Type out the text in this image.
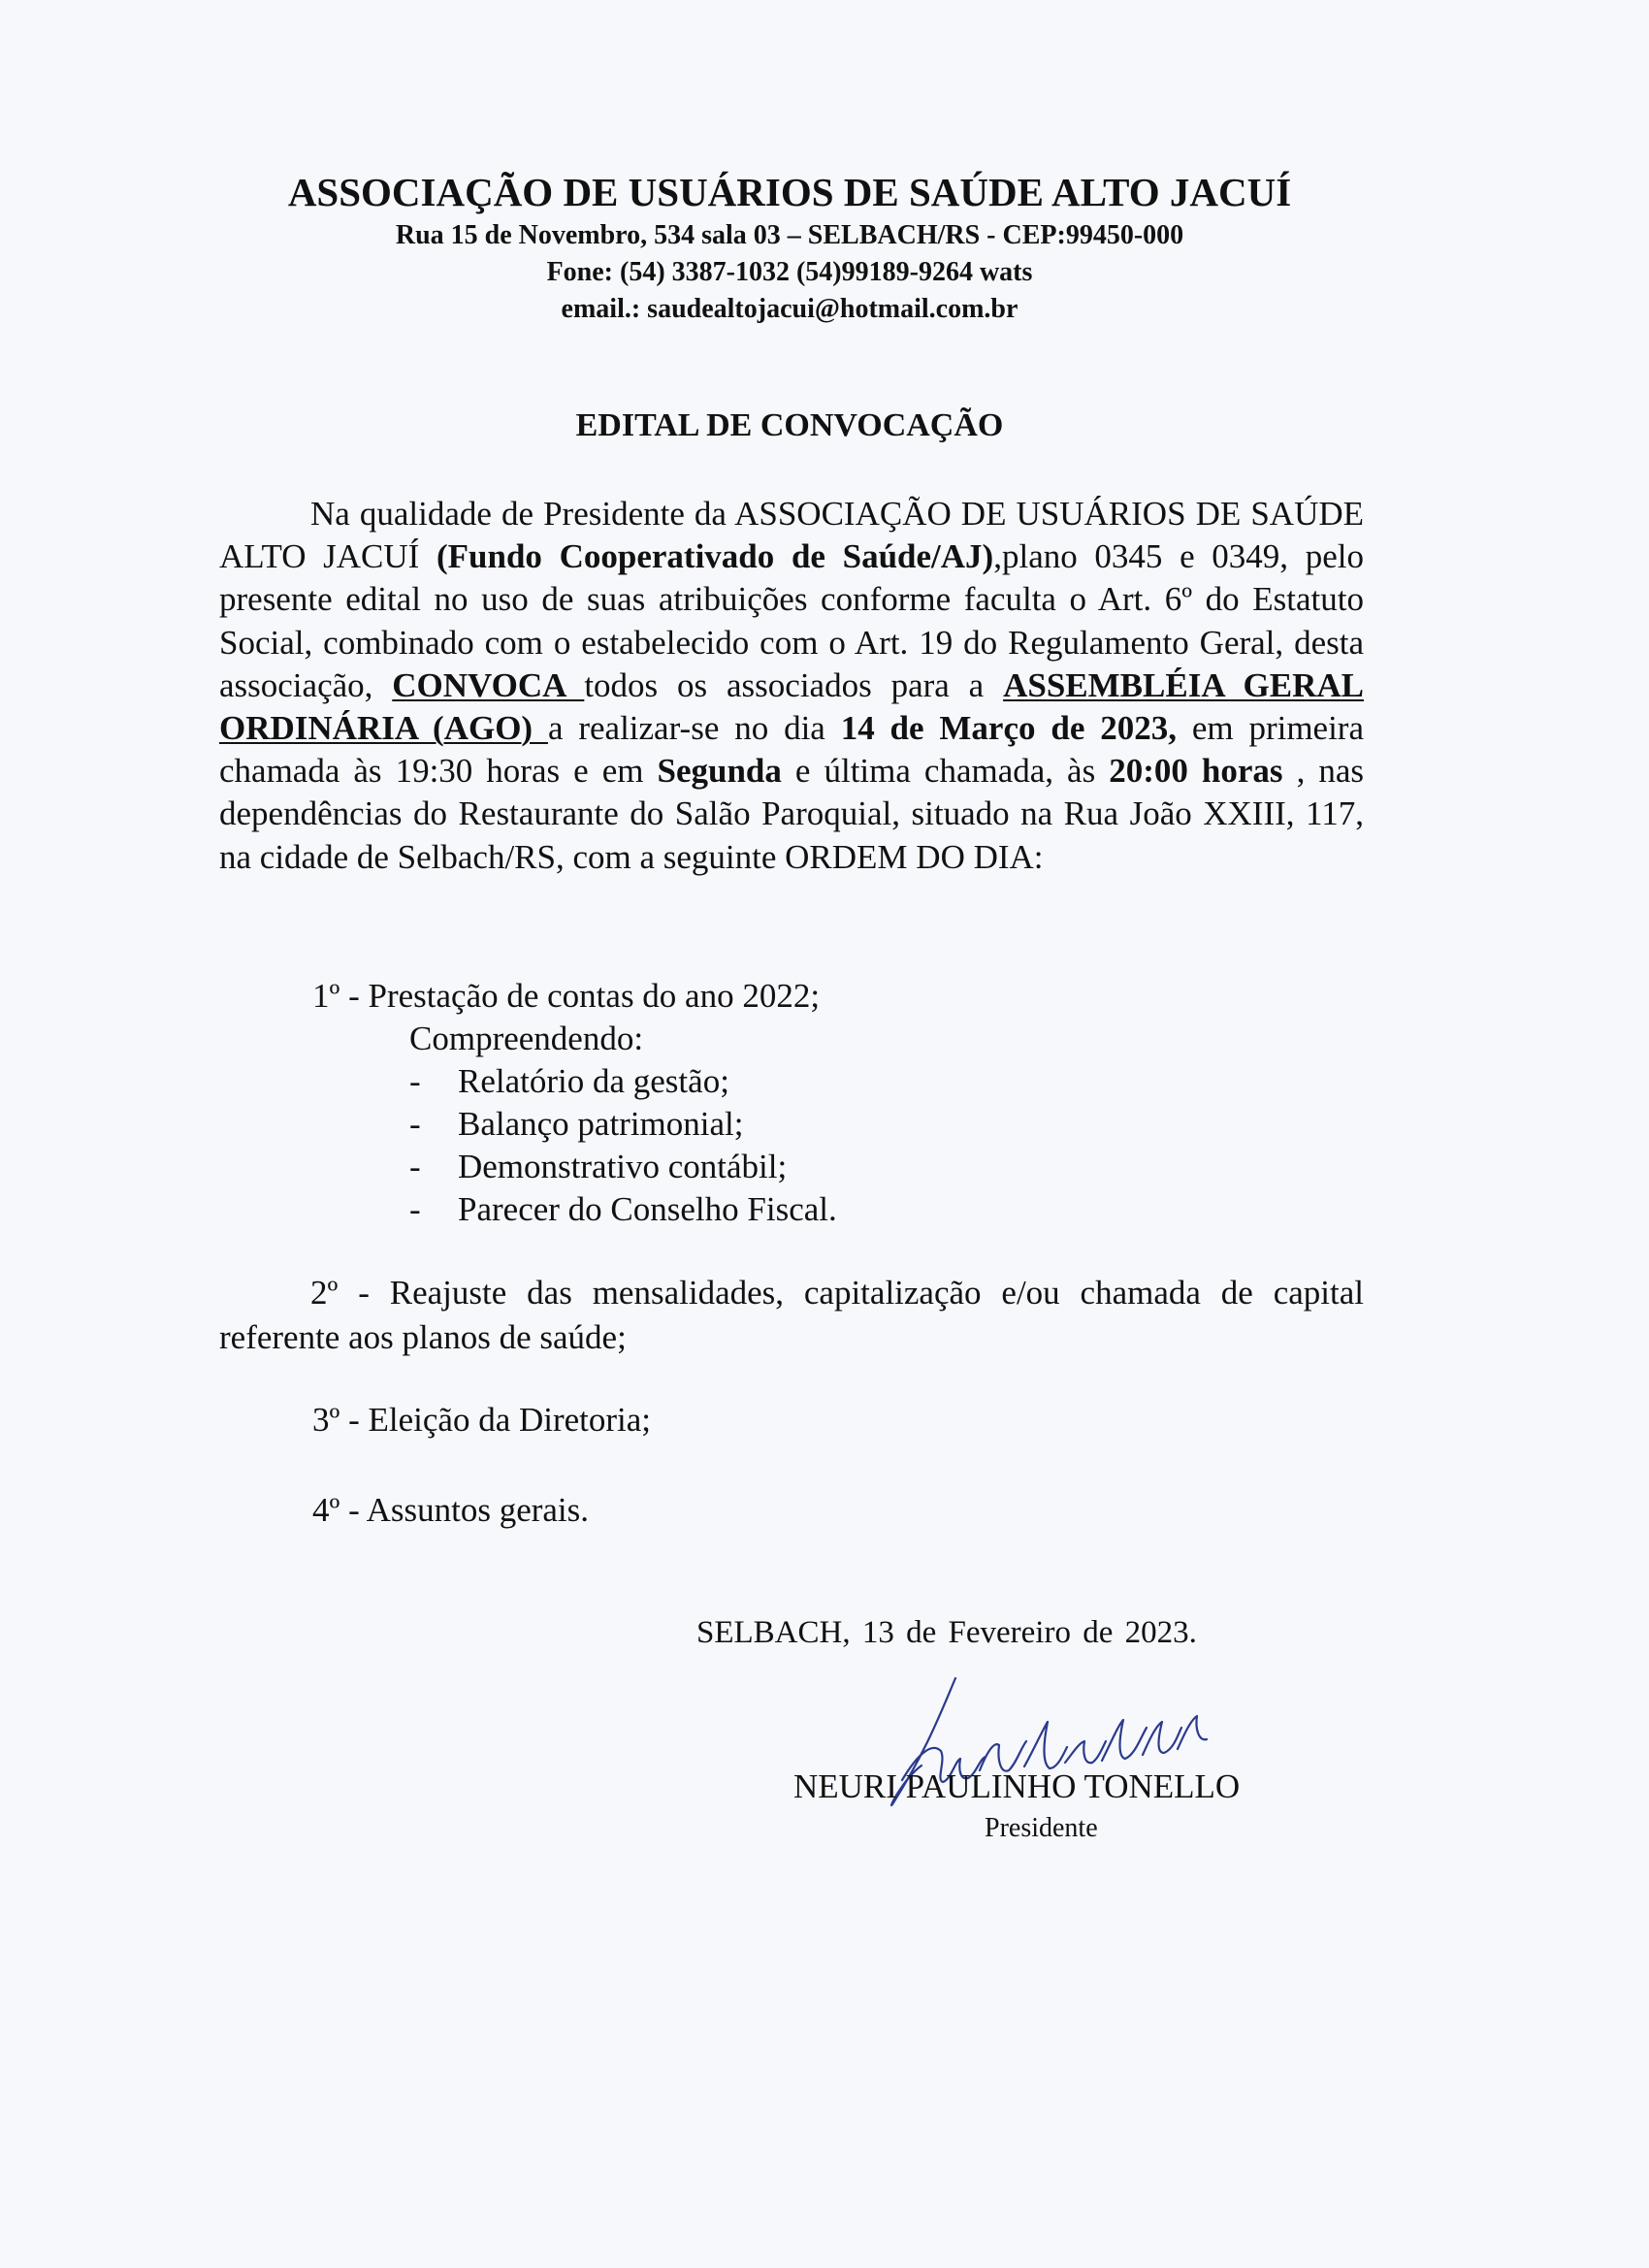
ASSOCIAÇÃO DE USUÁRIOS DE SAÚDE ALTO JACUÍ
Rua 15 de Novembro, 534 sala 03 – SELBACH/RS - CEP:99450-000
Fone: (54) 3387-1032 (54)99189-9264 wats
email.: saudealtojacui@hotmail.com.br
EDITAL DE CONVOCAÇÃO
Na qualidade de Presidente da ASSOCIAÇÃO DE USUÁRIOS DE SAÚDE ALTO JACUÍ (Fundo Cooperativado de Saúde/AJ),plano 0345 e 0349, pelo presente edital no uso de suas atribuições conforme faculta o Art. 6º do Estatuto Social, combinado com o estabelecido com o Art. 19 do Regulamento Geral, desta associação, CONVOCA todos os associados para a ASSEMBLÉIA GERAL ORDINÁRIA (AGO) a realizar-se no dia 14 de Março de 2023, em primeira chamada às 19:30 horas e em Segunda e última chamada, às 20:00 horas , nas dependências do Restaurante do Salão Paroquial, situado na Rua João XXIII, 117, na cidade de Selbach/RS, com a seguinte ORDEM DO DIA:
1º - Prestação de contas do ano 2022;
Compreendendo:
- Relatório da gestão;
- Balanço patrimonial;
- Demonstrativo contábil;
- Parecer do Conselho Fiscal.
2º - Reajuste das mensalidades, capitalização e/ou chamada de capital referente aos planos de saúde;
3º - Eleição da Diretoria;
4º - Assuntos gerais.
SELBACH, 13 de Fevereiro de 2023.
NEURI PAULINHO TONELLO
Presidente
